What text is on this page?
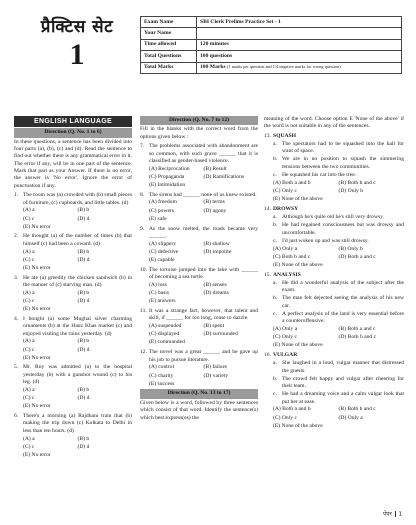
प्रैक्टिस सेट
1
Exam Name	SBI Clerk Prelims Practice Set - 1
Your Name	
Time allowed	120 minutes
Total Questions	100 questions
Total Marks	100 Marks (1 marks per question and 1/4 negative marks for wrong question)
ENGLISH LANGUAGE
Direction (Q. No. 1 to 6)
In these questions, a sentence has been divided into four parts (a), (b), (c) and (d). Read the sentence to find out whether there is any grammatical error in it. The error if any, will be in one part of the sentence. Mark that part as your Answer. If there is no error, the answer is 'No error'. Ignore the error of punctuation if any.
1. The room was (a) crowded with (b) small pieces of furniture, (c) cupboards, and little tables. (d)
(A) a	(B) b
(C) c	(D) d
(E) No error
2. He thought (a) of the number of times (b) that himself (c) had been a coward. (d)
(A) a	(B) b
(C) c	(D) d
(E) No error
3. He ate (a) greedily the chicken sandwich (b) in the manner of (c) starving man. (d)
(A) a	(B) b
(C) c	(D) d
(E) No error
4. I bought (a) some Mughal silver charming ornaments (b) at the Hauz Khas market (c) and enjoyed visiting the ruins yesterday. (d)
(A) a	(B) b
(C) c	(D) d
(E) No error
5. Mr. Roy was admitted (a) to the hospital yesterday (b) with a gunshot wound (c) to his leg. (d)
(A) a	(B) b
(C) c	(D) d
(E) No error
6. There's a morning (a) Rajdhani train that (b) making the trip down (c) Kolkata to Delhi in less than ten hours. (d)
(A) a	(B) b
(C) c	(D) d
(E) No error
Direction (Q. No. 7 to 12)
Fill in the blanks with the correct word from the options given below :
7. The problems associated with abandonment are so common, with such grave ______ that it is classified as gender-based violence.
(A) Reciprocation	(B) Result
(C) Propaganda	(D) Ramifications
(E) Intimidation
8. The sirens had ______ none of us knew existed.
(A) freedom	(B) terms
(C) powers	(D) agony
(E) safe
9. As the snow melted, the roads became very ______.
(A) slippery	(B) shallow
(C) defective	(D) impolite
(E) capable
10. The tortoise jumped into the lake with ______ of becoming a sea turtle.
(A) loss	(B) senses
(C) basis	(D) dreams
(E) answers
11. It was a strange fact, however, that talent and skill, if ______ for too long, cease to dazzle.
(A) suspended	(B) spent
(C) displayed	(D) surrounded
(E) commanded
12. The novel was a great ______ and he gave up his job to pursue literature.
(A) control	(B) failure
(C) charity	(D) variety
(E) success
Direction (Q. No. 13 to 17)
Given below is a word, followed by three sentences which consist of that word. Identify the sentence(s) which best express(es) the
meaning of the word. Choose option E 'None of the above' if the word is not suitable in any of the sentences.
13. SQUASH
a. The spectators had to be squashed into the hall for want of space.
b. We are in no position to squash the simmering tensions between the two communities.
c. He squashed his car into the tree.
(A) Both a and b	(B) Both b and c
(C) Only c	(D) Only b
(E) None of the above
14. DROWSY
a. Although he's quite old he's still very drowsy.
b. He had regained consciousness but was drowsy and uncomfortable.
c. I'd just woken up and was still drowsy.
(A) Only a	(B) Only b
(C) Both b and c	(D) Both a and c
(E) None of the above
15. ANALYSIS
a. He did a wonderful analysis of the subject after the exam.
b. The man felt dejected seeing the analysis of his new car.
c. A perfect analysis of the land is very essential before a counteroffensive.
(A) Only a	(B) Both a and c
(C) Only c	(D) Both b and c
(E) None of the above
16. VULGAR
a. She laughed in a loud, vulgar manner that distressed the guests.
b. The crowd felt happy and vulgar after cheering for their team.
c. He had a dreaming voice and a calm vulgar look that put her at ease.
(A) Both a and b	(B) Both b and c
(C) Only c	(D) Only a
(E) None of the above
पेपर 1
